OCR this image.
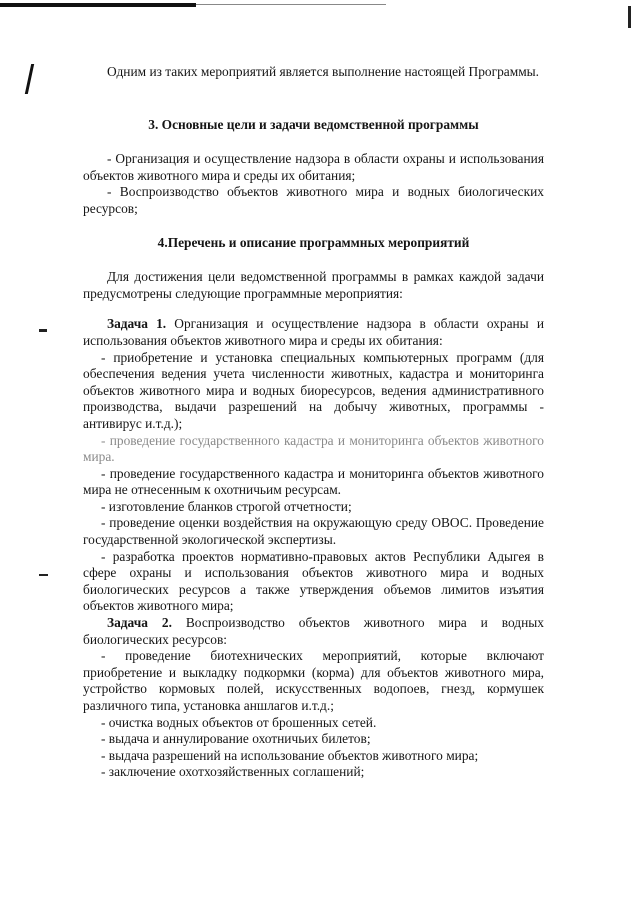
Одним из таких мероприятий является выполнение настоящей Программы.

3. Основные цели и задачи ведомственной программы

- Организация и осуществление надзора в области охраны и использования объектов животного мира и среды их обитания;

- Воспроизводство объектов животного мира и водных биологических ресурсов;

4.Перечень и описание программных мероприятий

Для достижения цели ведомственной программы в рамках каждой задачи предусмотрены следующие программные мероприятия:

Задача 1. Организация и осуществление надзора в области охраны и использования объектов животного мира и среды их обитания:

- приобретение и установка специальных компьютерных программ (для обеспечения ведения учета численности животных, кадастра и мониторинга объектов животного мира и водных биоресурсов, ведения административного производства, выдачи разрешений на добычу животных, программы - антивирус и.т.д.);

- проведение государственного кадастра и мониторинга объектов животного мира.

- проведение государственного кадастра и мониторинга объектов животного мира не отнесенным к охотничьим ресурсам.

- изготовление бланков строгой отчетности;

- проведение оценки воздействия на окружающую среду ОВОС. Проведение государственной экологической экспертизы.

- разработка проектов нормативно-правовых актов Республики Адыгея в сфере охраны и использования объектов животного мира и водных биологических ресурсов а также утверждения объемов лимитов изъятия объектов животного мира;

Задача 2. Воспроизводство объектов животного мира и водных биологических ресурсов:

- проведение биотехнических мероприятий, которые включают приобретение и выкладку подкормки (корма) для объектов животного мира, устройство кормовых полей, искусственных водопоев, гнезд, кормушек различного типа, установка аншлагов и.т.д.;

- очистка водных объектов от брошенных сетей.

- выдача и аннулирование охотничьих билетов;

- выдача разрешений на использование объектов животного мира;

- заключение охотхозяйственных соглашений;
